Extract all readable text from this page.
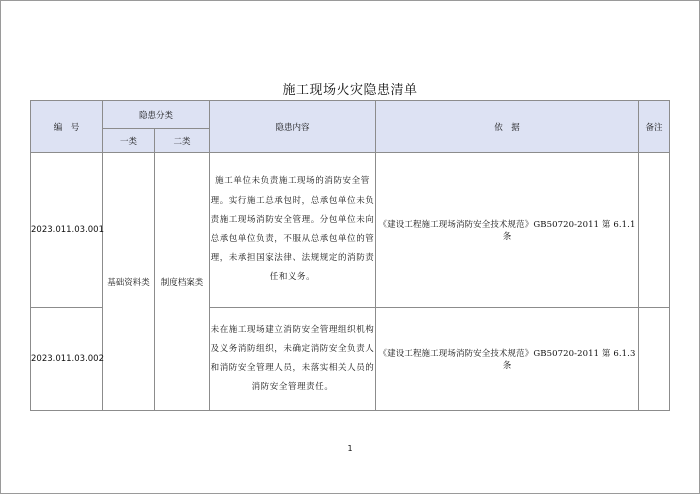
施工现场火灾隐患清单
编　号	隐患分类		隐患内容	依　据	备注
	一类	二类			
2023.011.03.001	基础资料类	制度档案类	施工单位未负责施工现场的消防安全管理。实行施工总承包时，总承包单位未负责施工现场消防安全管理。分包单位未向总承包单位负责，不服从总承包单位的管理，未承担国家法律、法规规定的消防责任和义务。	《建设工程施工现场消防安全技术规范》GB50720-2011 第 6.1.1 条	
2023.011.03.002			未在施工现场建立消防安全管理组织机构及义务消防组织，未确定消防安全负责人和消防安全管理人员，未落实相关人员的消防安全管理责任。	《建设工程施工现场消防安全技术规范》GB50720-2011 第 6.1.3 条	
1
